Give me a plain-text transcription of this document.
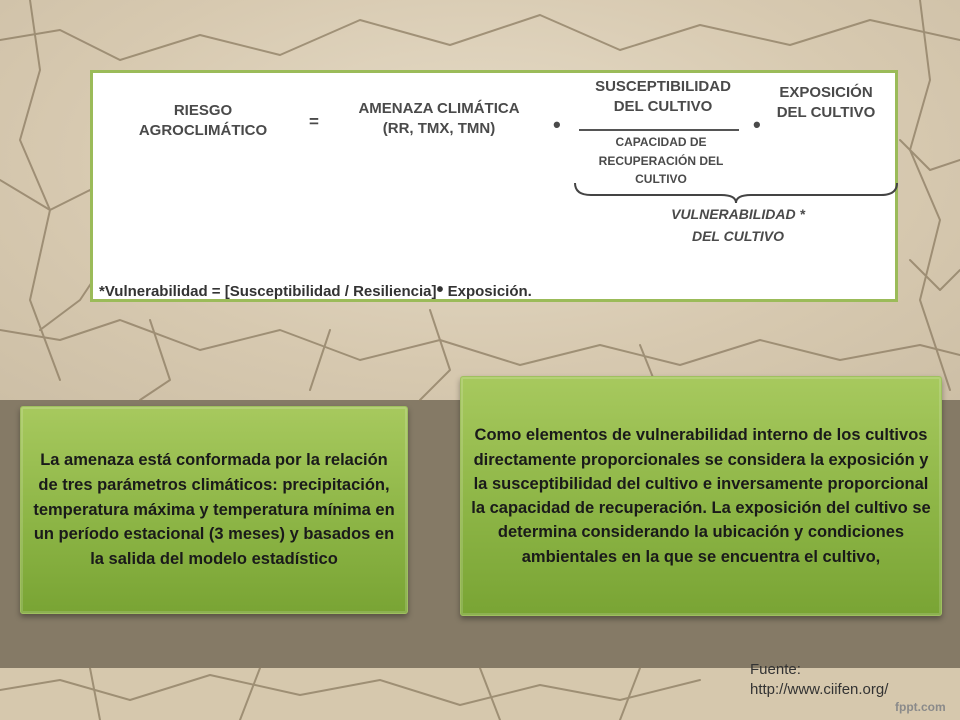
RIESGO
AGROCLIMÁTICO	=
AMENAZA CLIMÁTICA
(RR, TMX, TMN)	•
SUSCEPTIBILIDAD
DEL CULTIVO
CAPACIDAD DE
RECUPERACIÓN DEL
CULTIVO
•
EXPOSICIÓN
DEL CULTIVO
VULNERABILIDAD *
DEL CULTIVO
*Vulnerabilidad = [Susceptibilidad / Resiliencia]• Exposición.
La amenaza está conformada por la relación de tres parámetros climáticos: precipitación, temperatura máxima y temperatura mínima en un período estacional (3 meses) y basados en la salida del modelo estadístico
Como elementos de vulnerabilidad interno de los cultivos directamente proporcionales se considera la exposición y la susceptibilidad del cultivo e inversamente proporcional la capacidad de recuperación. La exposición del cultivo se determina considerando la ubicación y condiciones ambientales en la que se encuentra el cultivo,
Fuente:
http://www.ciifen.org/
fppt.com
